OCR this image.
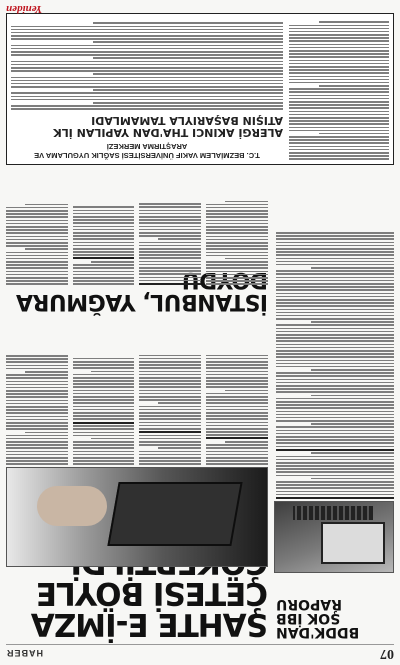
07
HABER
BDDK'DAN ŞOK İBB RAPORU
ŞAHTE E-İMZA ÇETESİ BÖYLE
İSTANBUL, YAĞMURA
T.C. BEZMİALEM VAKIF ÜNİVERSİTESİ SAĞLIK UYGULAMA VE ARAŞTIRMA MERKEZİ
ALERGİ AKINCI THA'DAN YAPILAN İLK ATIŞIN BAŞARIYLA TAMAMLADI
Yeniden
